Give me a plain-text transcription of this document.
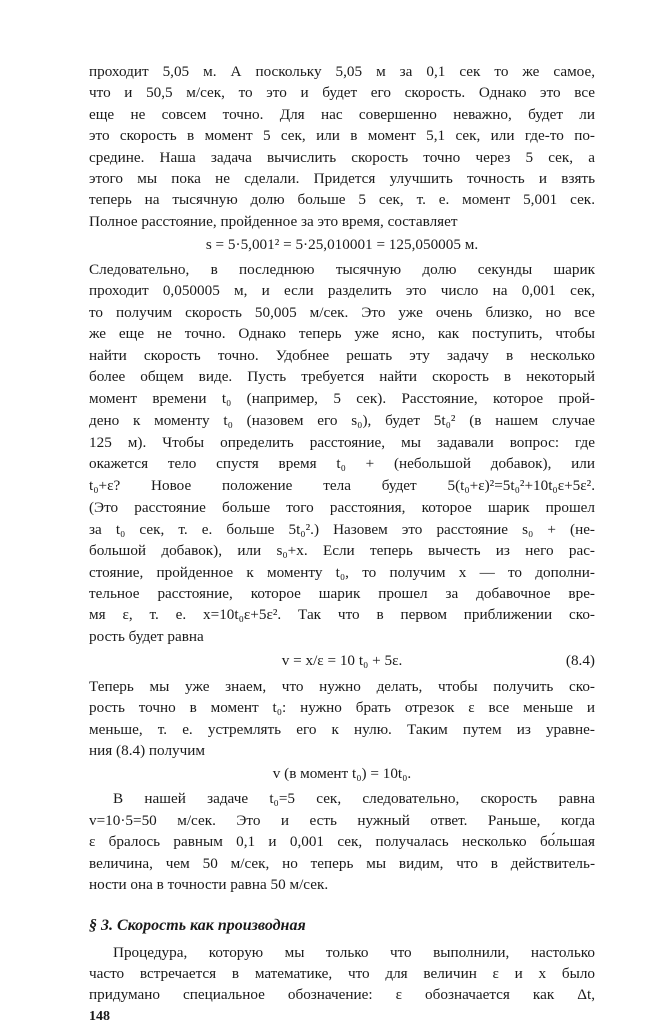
проходит 5,05 м. А поскольку 5,05 м за 0,1 сек то же самое,
что и 50,5 м/сек, то это и будет его скорость. Однако это все
еще не совсем точно. Для нас совершенно неважно, будет ли
это скорость в момент 5 сек, или в момент 5,1 сек, или где-то по-
средине. Наша задача вычислить скорость точно через 5 сек, а
этого мы пока не сделали. Придется улучшить точность и взять
теперь на тысячную долю больше 5 сек, т. е. момент 5,001 сек.
Полное расстояние, пройденное за это время, составляет
s = 5·5,001² = 5·25,010001 = 125,050005 м.
Следовательно, в последнюю тысячную долю секунды шарик
проходит 0,050005 м, и если разделить это число на 0,001 сек,
то получим скорость 50,005 м/сек. Это уже очень близко, но все
же еще не точно. Однако теперь уже ясно, как поступить, чтобы
найти скорость точно. Удобнее решать эту задачу в несколько
более общем виде. Пусть требуется найти скорость в некоторый
момент времени t₀ (например, 5 сек). Расстояние, которое прой-
дено к моменту t₀ (назовем его s₀), будет 5t₀² (в нашем случае
125 м). Чтобы определить расстояние, мы задавали вопрос: где
окажется тело спустя время t₀ + (небольшой добавок), или
t₀+ε? Новое положение тела будет 5(t₀+ε)²=5t₀²+10t₀ε+5ε².
(Это расстояние больше того расстояния, которое шарик прошел
за t₀ сек, т. е. больше 5t₀².) Назовем это расстояние s₀ + (не-
большой добавок), или s₀+x. Если теперь вычесть из него рас-
стояние, пройденное к моменту t₀, то получим x — то дополни-
тельное расстояние, которое шарик прошел за добавочное вре-
мя ε, т. е. x=10t₀ε+5ε². Так что в первом приближении ско-
рость будет равна
v = x/ε = 10 t₀ + 5ε.	(8.4)
Теперь мы уже знаем, что нужно делать, чтобы получить ско-
рость точно в момент t₀: нужно брать отрезок ε все меньше и
меньше, т. е. устремлять его к нулю. Таким путем из уравне-
ния (8.4) получим
v (в момент t₀) = 10t₀.
В нашей задаче t₀=5 сек, следовательно, скорость равна
v=10·5=50 м/сек. Это и есть нужный ответ. Раньше, когда
ε бралось равным 0,1 и 0,001 сек, получалась несколько бо́льшая
величина, чем 50 м/сек, но теперь мы видим, что в действитель-
ности она в точности равна 50 м/сек.
§ 3. Скорость как производная
Процедура, которую мы только что выполнили, настолько
часто встречается в математике, что для величин ε и x было
придумано специальное обозначение: ε обозначается как Δt,
148
